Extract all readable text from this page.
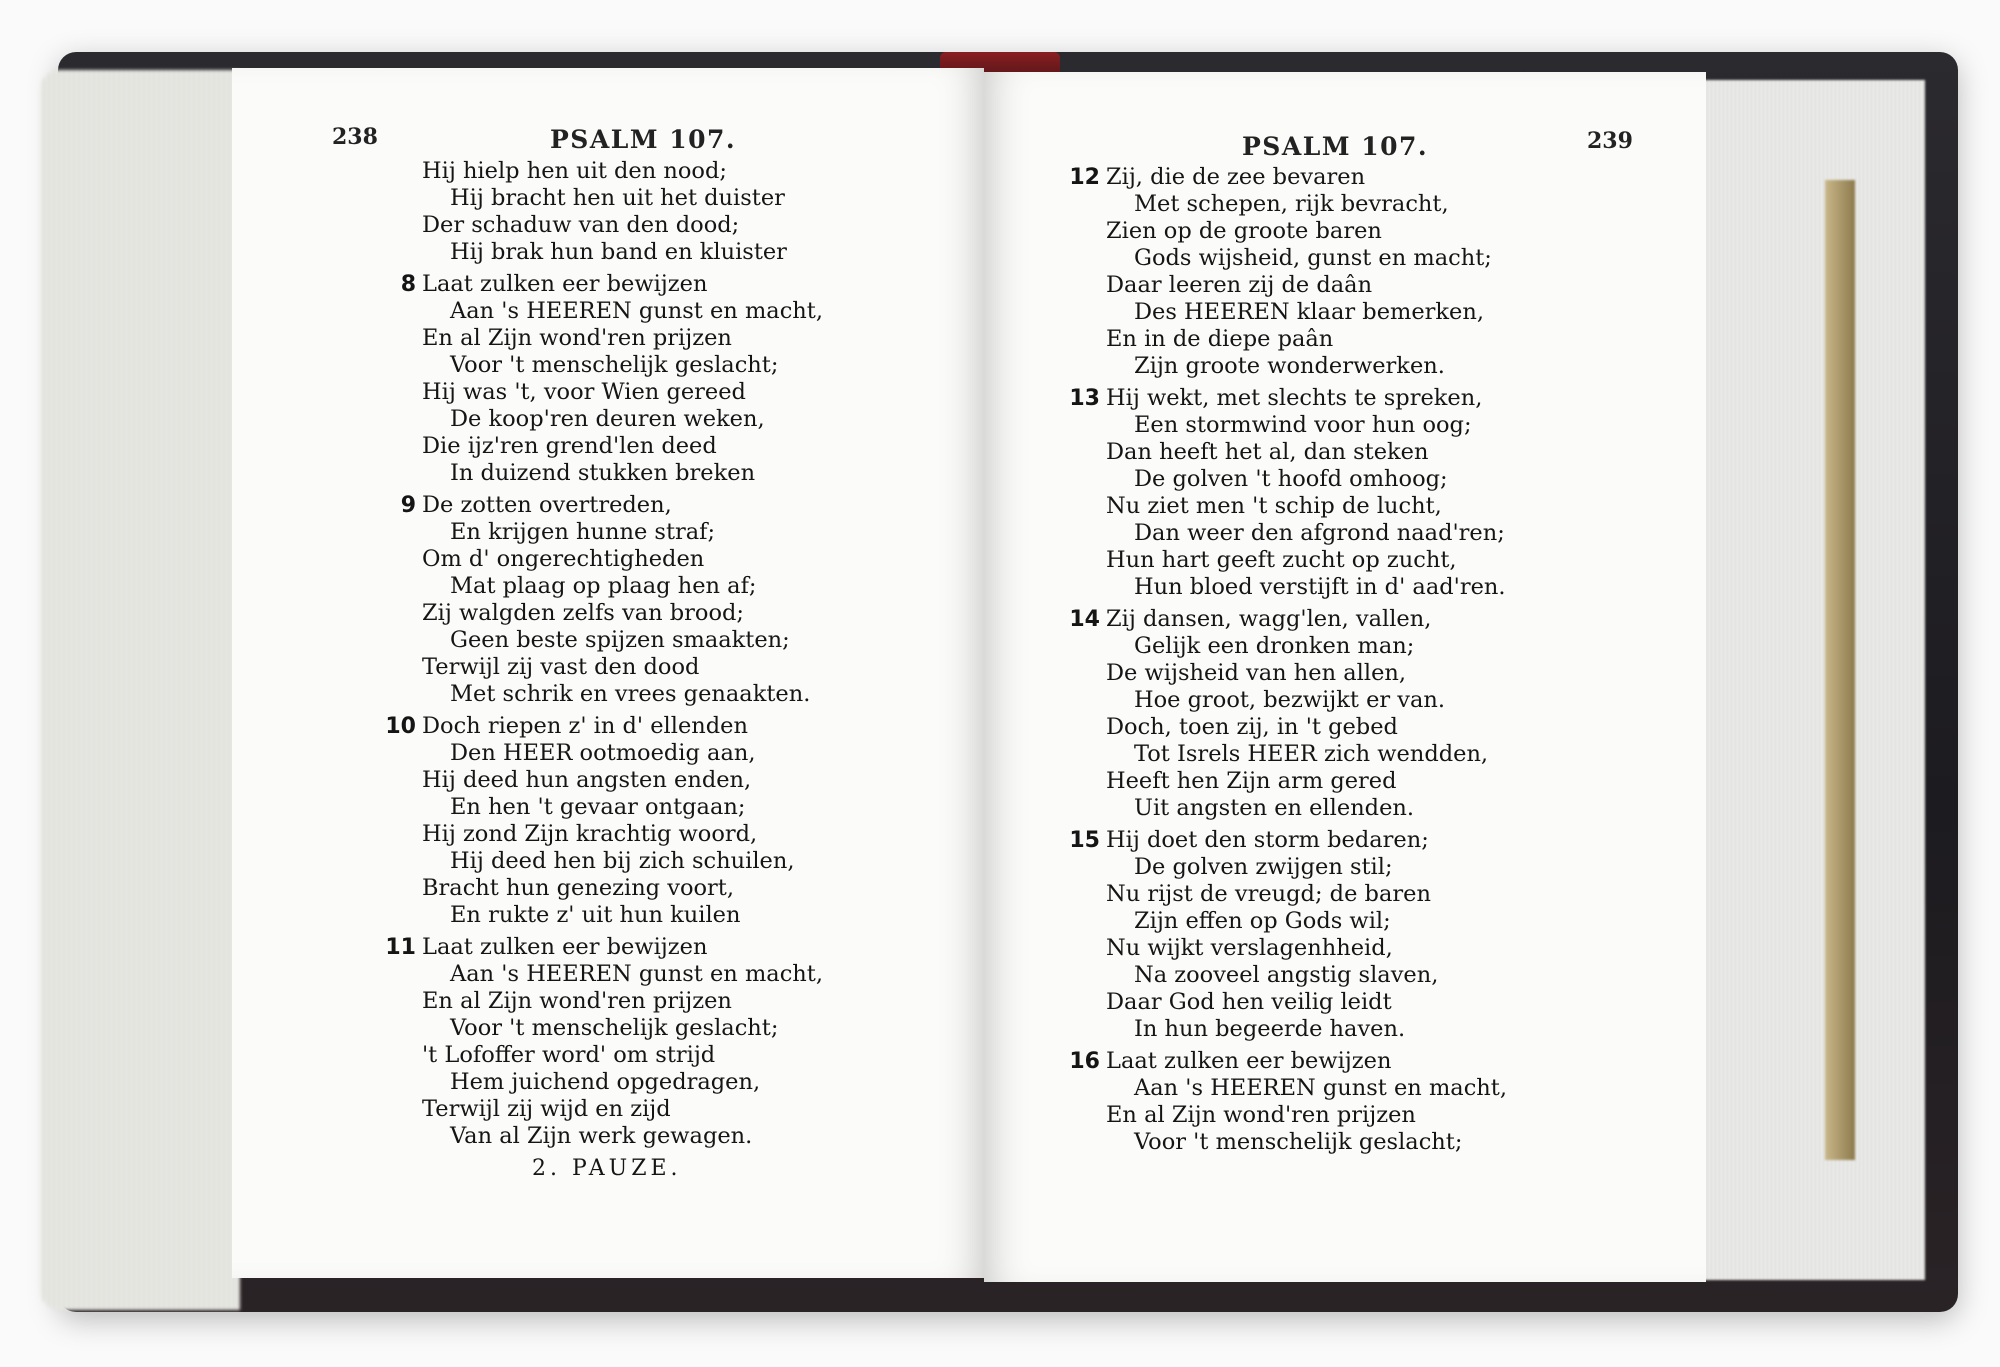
238	PSALM 107.
Hij hielp hen uit den nood;
Hij bracht hen uit het duister
Der schaduw van den dood;
Hij brak hun band en kluister
8 Laat zulken eer bewijzen
Aan 's HEEREN gunst en macht,
En al Zijn wond'ren prijzen
Voor 't menschelijk geslacht;
Hij was 't, voor Wien gereed
De koop'ren deuren weken,
Die ijz'ren grend'len deed
In duizend stukken breken
9 De zotten overtreden,
En krijgen hunne straf;
Om d' ongerechtigheden
Mat plaag op plaag hen af;
Zij walgden zelfs van brood;
Geen beste spijzen smaakten;
Terwijl zij vast den dood
Met schrik en vrees genaakten.
10 Doch riepen z' in d' ellenden
Den HEER ootmoedig aan,
Hij deed hun angsten enden,
En hen 't gevaar ontgaan;
Hij zond Zijn krachtig woord,
Hij deed hen bij zich schuilen,
Bracht hun genezing voort,
En rukte z' uit hun kuilen
11 Laat zulken eer bewijzen
Aan 's HEEREN gunst en macht,
En al Zijn wond'ren prijzen
Voor 't menschelijk geslacht;
't Lofoffer word' om strijd
Hem juichend opgedragen,
Terwijl zij wijd en zijd
Van al Zijn werk gewagen.
2. PAUZE.
PSALM 107.	239
12 Zij, die de zee bevaren
Met schepen, rijk bevracht,
Zien op de groote baren
Gods wijsheid, gunst en macht;
Daar leeren zij de daân
Des HEEREN klaar bemerken,
En in de diepe paân
Zijn groote wonderwerken.
13 Hij wekt, met slechts te spreken,
Een stormwind voor hun oog;
Dan heeft het al, dan steken
De golven 't hoofd omhoog;
Nu ziet men 't schip de lucht,
Dan weer den afgrond naad'ren;
Hun hart geeft zucht op zucht,
Hun bloed verstijft in d' aad'ren.
14 Zij dansen, wagg'len, vallen,
Gelijk een dronken man;
De wijsheid van hen allen,
Hoe groot, bezwijkt er van.
Doch, toen zij, in 't gebed
Tot Isrels HEER zich wendden,
Heeft hen Zijn arm gered
Uit angsten en ellenden.
15 Hij doet den storm bedaren;
De golven zwijgen stil;
Nu rijst de vreugd; de baren
Zijn effen op Gods wil;
Nu wijkt verslagenhheid,
Na zooveel angstig slaven,
Daar God hen veilig leidt
In hun begeerde haven.
16 Laat zulken eer bewijzen
Aan 's HEEREN gunst en macht,
En al Zijn wond'ren prijzen
Voor 't menschelijk geslacht;
